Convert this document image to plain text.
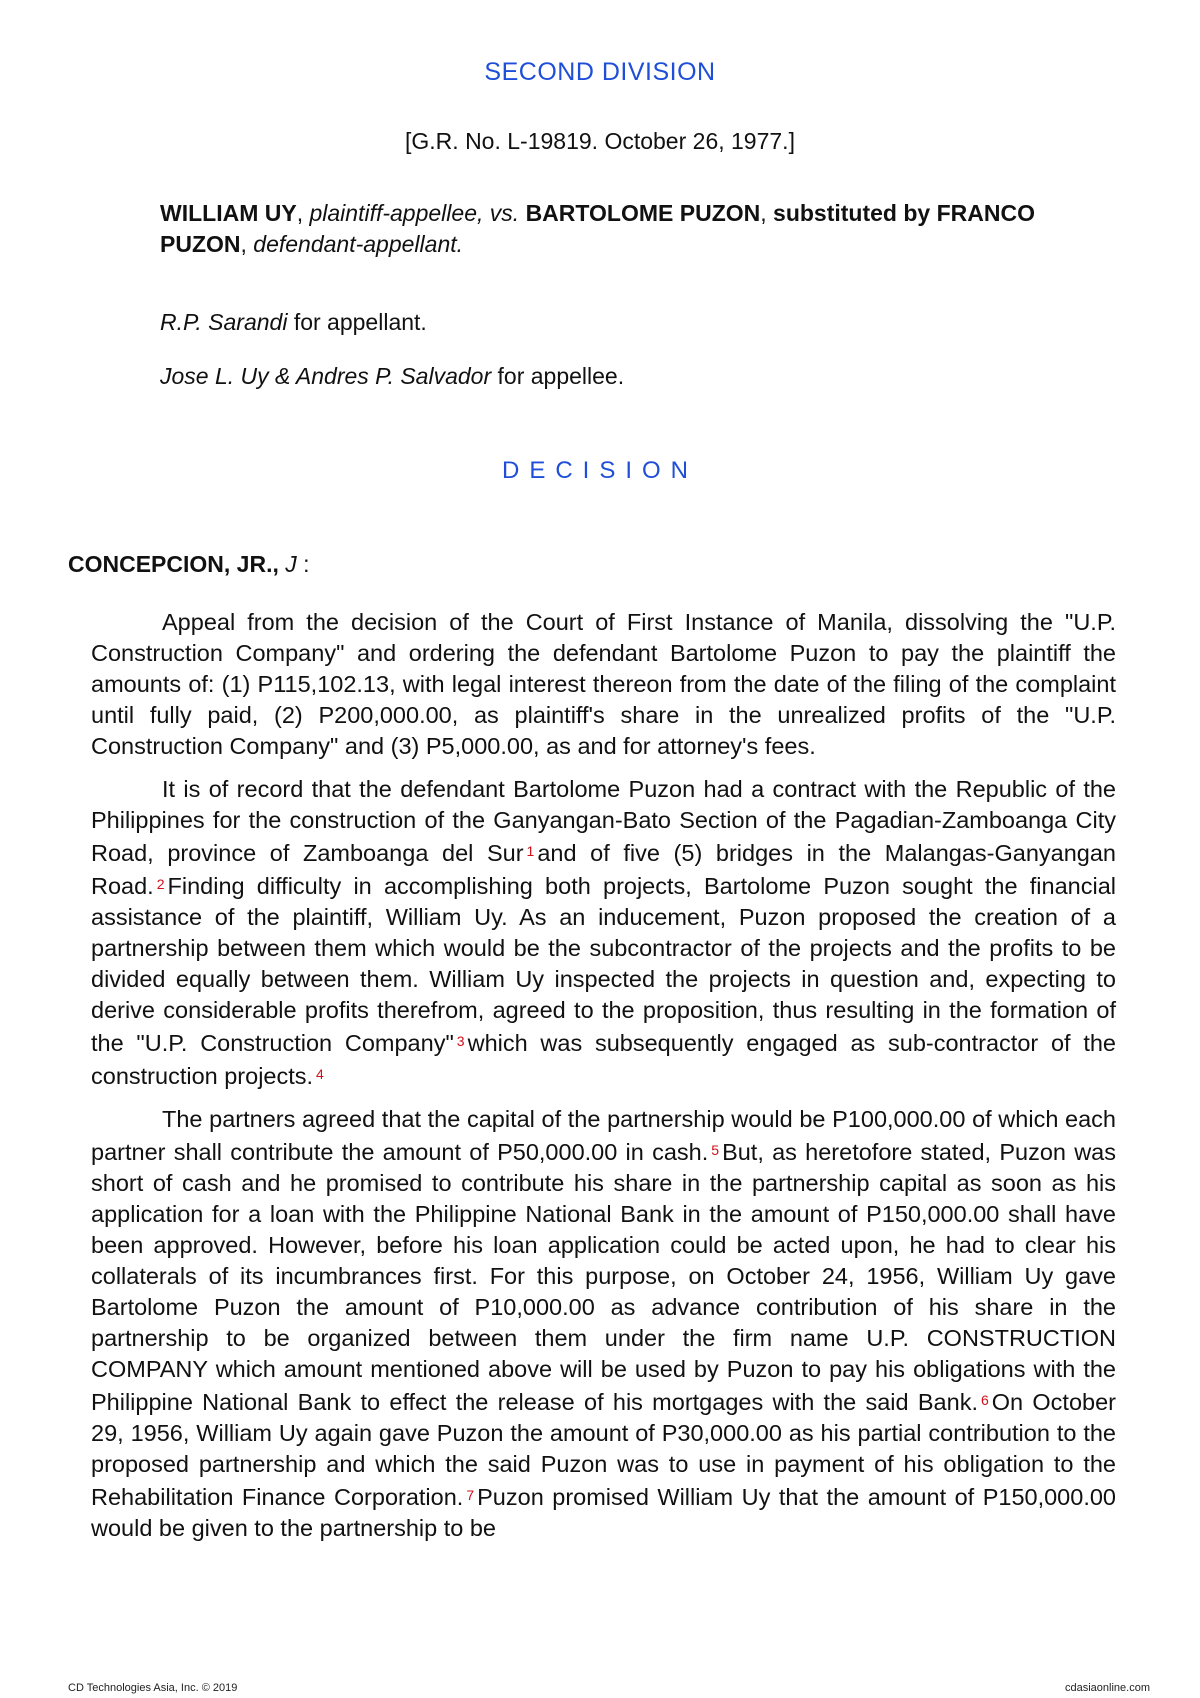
SECOND DIVISION
[G.R. No. L-19819. October 26, 1977.]
WILLIAM UY, plaintiff-appellee, vs. BARTOLOME PUZON, substituted by FRANCO PUZON, defendant-appellant.
R.P. Sarandi for appellant.
Jose L. Uy & Andres P. Salvador for appellee.
DECISION
CONCEPCION, JR., J :

Appeal from the decision of the Court of First Instance of Manila, dissolving the "U.P. Construction Company" and ordering the defendant Bartolome Puzon to pay the plaintiff the amounts of: (1) P115,102.13, with legal interest thereon from the date of the filing of the complaint until fully paid, (2) P200,000.00, as plaintiff's share in the unrealized profits of the "U.P. Construction Company" and (3) P5,000.00, as and for attorney's fees.

It is of record that the defendant Bartolome Puzon had a contract with the Republic of the Philippines for the construction of the Ganyangan-Bato Section of the Pagadian-Zamboanga City Road, province of Zamboanga del Sur $^1$ and of five (5) bridges in the Malangas-Ganyangan Road. $^2$ Finding difficulty in accomplishing both projects, Bartolome Puzon sought the financial assistance of the plaintiff, William Uy. As an inducement, Puzon proposed the creation of a partnership between them which would be the subcontractor of the projects and the profits to be divided equally between them. William Uy inspected the projects in question and, expecting to derive considerable profits therefrom, agreed to the proposition, thus resulting in the formation of the "U.P. Construction Company" $^3$ which was subsequently engaged as sub-contractor of the construction projects. $^4$

The partners agreed that the capital of the partnership would be P100,000.00 of which each partner shall contribute the amount of P50,000.00 in cash. $^5$ But, as heretofore stated, Puzon was short of cash and he promised to contribute his share in the partnership capital as soon as his application for a loan with the Philippine National Bank in the amount of P150,000.00 shall have been approved. However, before his loan application could be acted upon, he had to clear his collaterals of its incumbrances first. For this purpose, on October 24, 1956, William Uy gave Bartolome Puzon the amount of P10,000.00 as advance contribution of his share in the partnership to be organized between them under the firm name U.P. CONSTRUCTION COMPANY which amount mentioned above will be used by Puzon to pay his obligations with the Philippine National Bank to effect the release of his mortgages with the said Bank. $^6$ On October 29, 1956, William Uy again gave Puzon the amount of P30,000.00 as his partial contribution to the proposed partnership and which the said Puzon was to use in payment of his obligation to the Rehabilitation Finance Corporation. $^7$ Puzon promised William Uy that the amount of P150,000.00 would be given to the partnership to be

CD Technologies Asia, Inc. © 2019	cdasiaonline.com
